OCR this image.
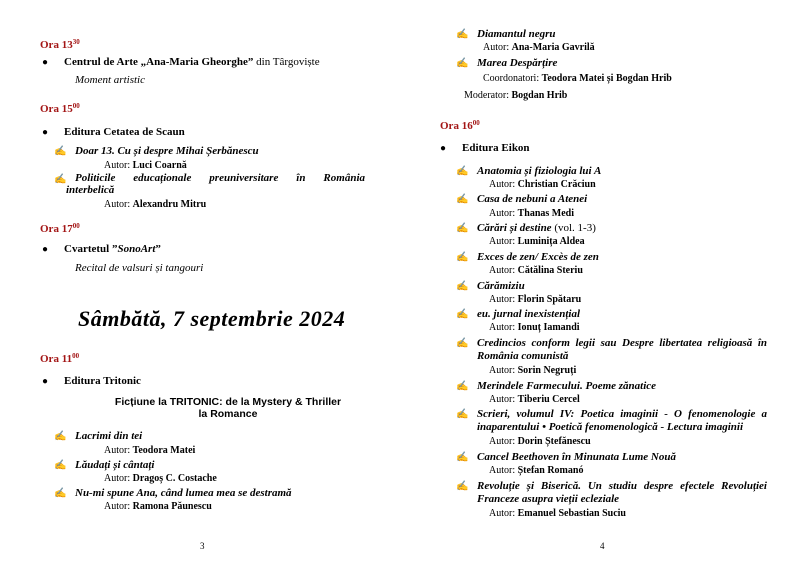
Ora $13^{30}$
● Centrul de Arte „Ana-Maria Gheorghe” din Târgoviște
Moment artistic
Ora $15^{00}$
● Editura Cetatea de Scaun
✍ Doar 13. Cu și despre Mihai Șerbănescu
Autor: Luci Coarnă
✍ Politicile educaționale preuniversitare în România
interbelică
Autor: Alexandru Mitru
Ora $17^{00}$
● Cvartetul ”SonoArt”
Recital de valsuri și tangouri
Sâmbătă, 7 septembrie 2024
Ora $11^{00}$
● Editura Tritonic
Ficțiune la TRITONIC: de la Mystery & Thriller
la Romance
✍ Lacrimi din tei
Autor: Teodora Matei
✍ Lăudați și cântați
Autor: Dragoș C. Costache
✍ Nu-mi spune Ana, când lumea mea se destramă
Autor: Ramona Păunescu
3
✍ Diamantul negru
Autor: Ana-Maria Gavrilă
✍ Marea Despărțire
Coordonatori: Teodora Matei și Bogdan Hrib
Moderator: Bogdan Hrib
Ora $16^{00}$
● Editura Eikon
✍ Anatomia și fiziologia lui A
Autor: Christian Crăciun
✍ Casa de nebuni a Atenei
Autor: Thanas Medi
✍ Cărări și destine (vol. 1-3)
Autor: Luminița Aldea
✍ Exces de zen/ Excès de zen
Autor: Cătălina Steriu
✍ Cărămiziu
Autor: Florin Spătaru
✍ eu. jurnal inexistențial
Autor: Ionuț Iamandi
✍ Credincios conform legii sau Despre libertatea religioasă în
România comunistă
Autor: Sorin Negruți
✍ Merindele Farmecului. Poeme zănatice
Autor: Tiberiu Cercel
✍ Scrieri, volumul IV: Poetica imaginii - O fenomenologie a
inaparentului • Poetică fenomenologică - Lectura imaginii
Autor: Dorin Ștefănescu
✍ Cancel Beethoven în Minunata Lume Nouă
Autor: Ștefan Romanó
✍ Revoluție și Biserică. Un studiu despre efectele Revoluției
Franceze asupra vieții ecleziale
Autor: Emanuel Sebastian Suciu
4
